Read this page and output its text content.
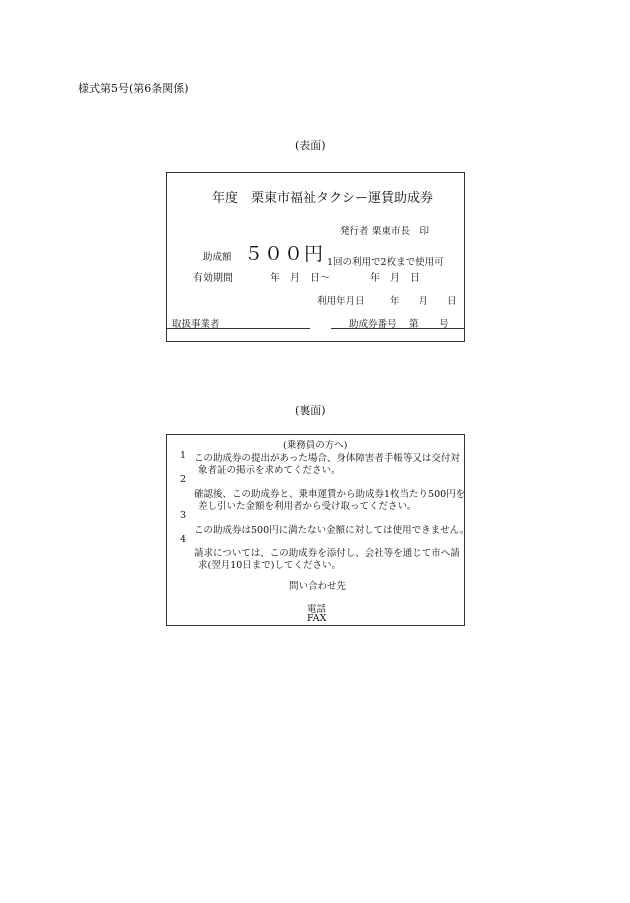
様式第5号(第6条関係)
(表面)
年度　栗東市福祉タクシー運賃助成券
発行者 栗東市長　印
助成額 ５００円 1回の利用で2枚まで使用可
有効期間	年　月　日～	年　月　日
利用年月日	年　　月　　日
取扱事業者	助成券番号 第 号
(裏面)
(乗務員の方へ)
1 この助成券の提出があった場合、身体障害者手帳等又は交付対
象者証の掲示を求めてください。
2
確認後、この助成券と、乗車運賃から助成券1枚当たり500円を
差し引いた金額を利用者から受け取ってください。
3
この助成券は500円に満たない金額に対しては使用できません。
4
請求については、この助成券を添付し、会社等を通じて市へ請
求(翌月10日まで)してください。
問い合わせ先
電話
FAX
